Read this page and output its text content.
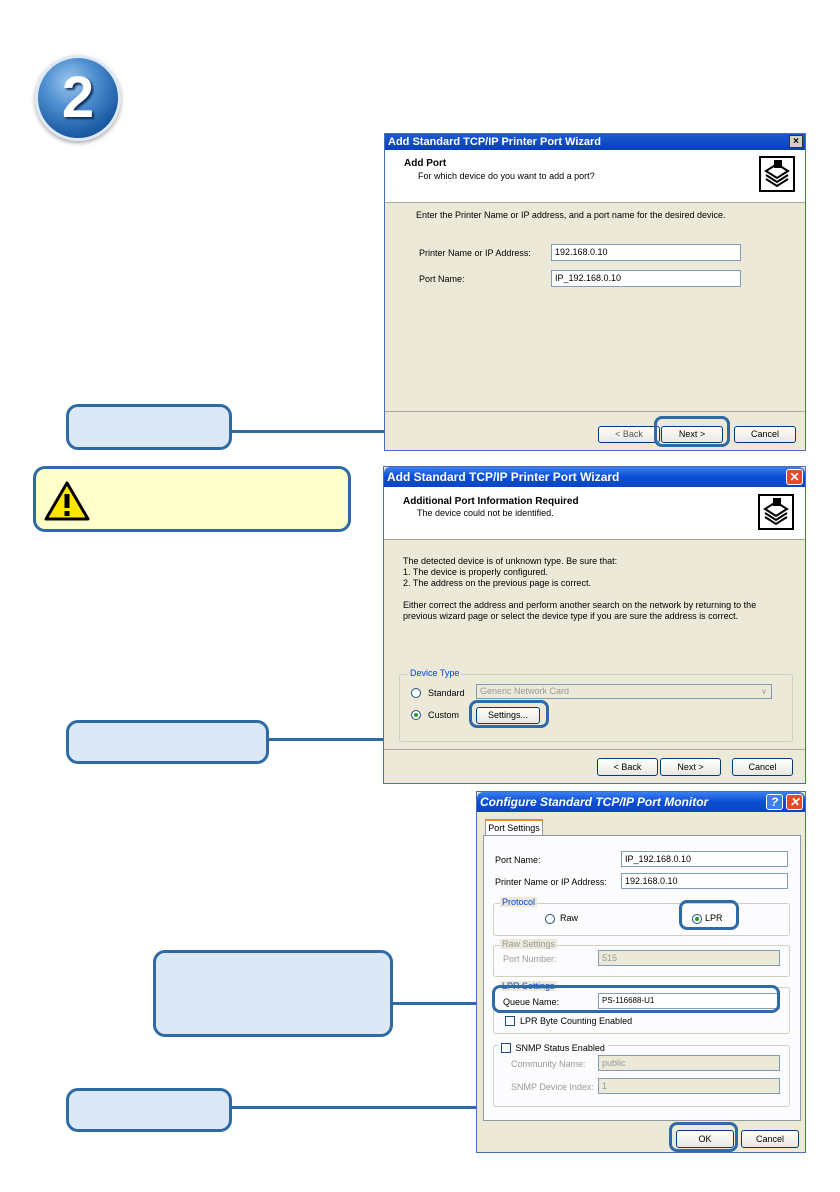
2
Add Standard TCP/IP Printer Port Wizard	×
Add Port
For which device do you want to add a port?
Enter the Printer Name or IP address, and a port name for the desired device.
Printer Name or IP Address:	192.168.0.10
Port Name:	IP_192.168.0.10
< Back	Next >	Cancel
Add Standard TCP/IP Printer Port Wizard	✕
Additional Port Information Required
The device could not be identified.
The detected device is of unknown type. Be sure that:
1. The device is properly configured.
2. The address on the previous page is correct.
Either correct the address and perform another search on the network by returning to the
previous wizard page or select the device type if you are sure the address is correct.
Device Type
Standard	Generic Network Card	∨
Custom	Settings...
< Back	Next >	Cancel
Configure Standard TCP/IP Port Monitor	? ✕
Port Settings
Port Name:	IP_192.168.0.10
Printer Name or IP Address:	192.168.0.10
Protocol
Raw	LPR
Raw Settings
Port Number:	515
LPR Settings
Queue Name:	PS-116688-U1
LPR Byte Counting Enabled
SNMP Status Enabled
Community Name:	public
SNMP Device Index: 1
OK	Cancel
